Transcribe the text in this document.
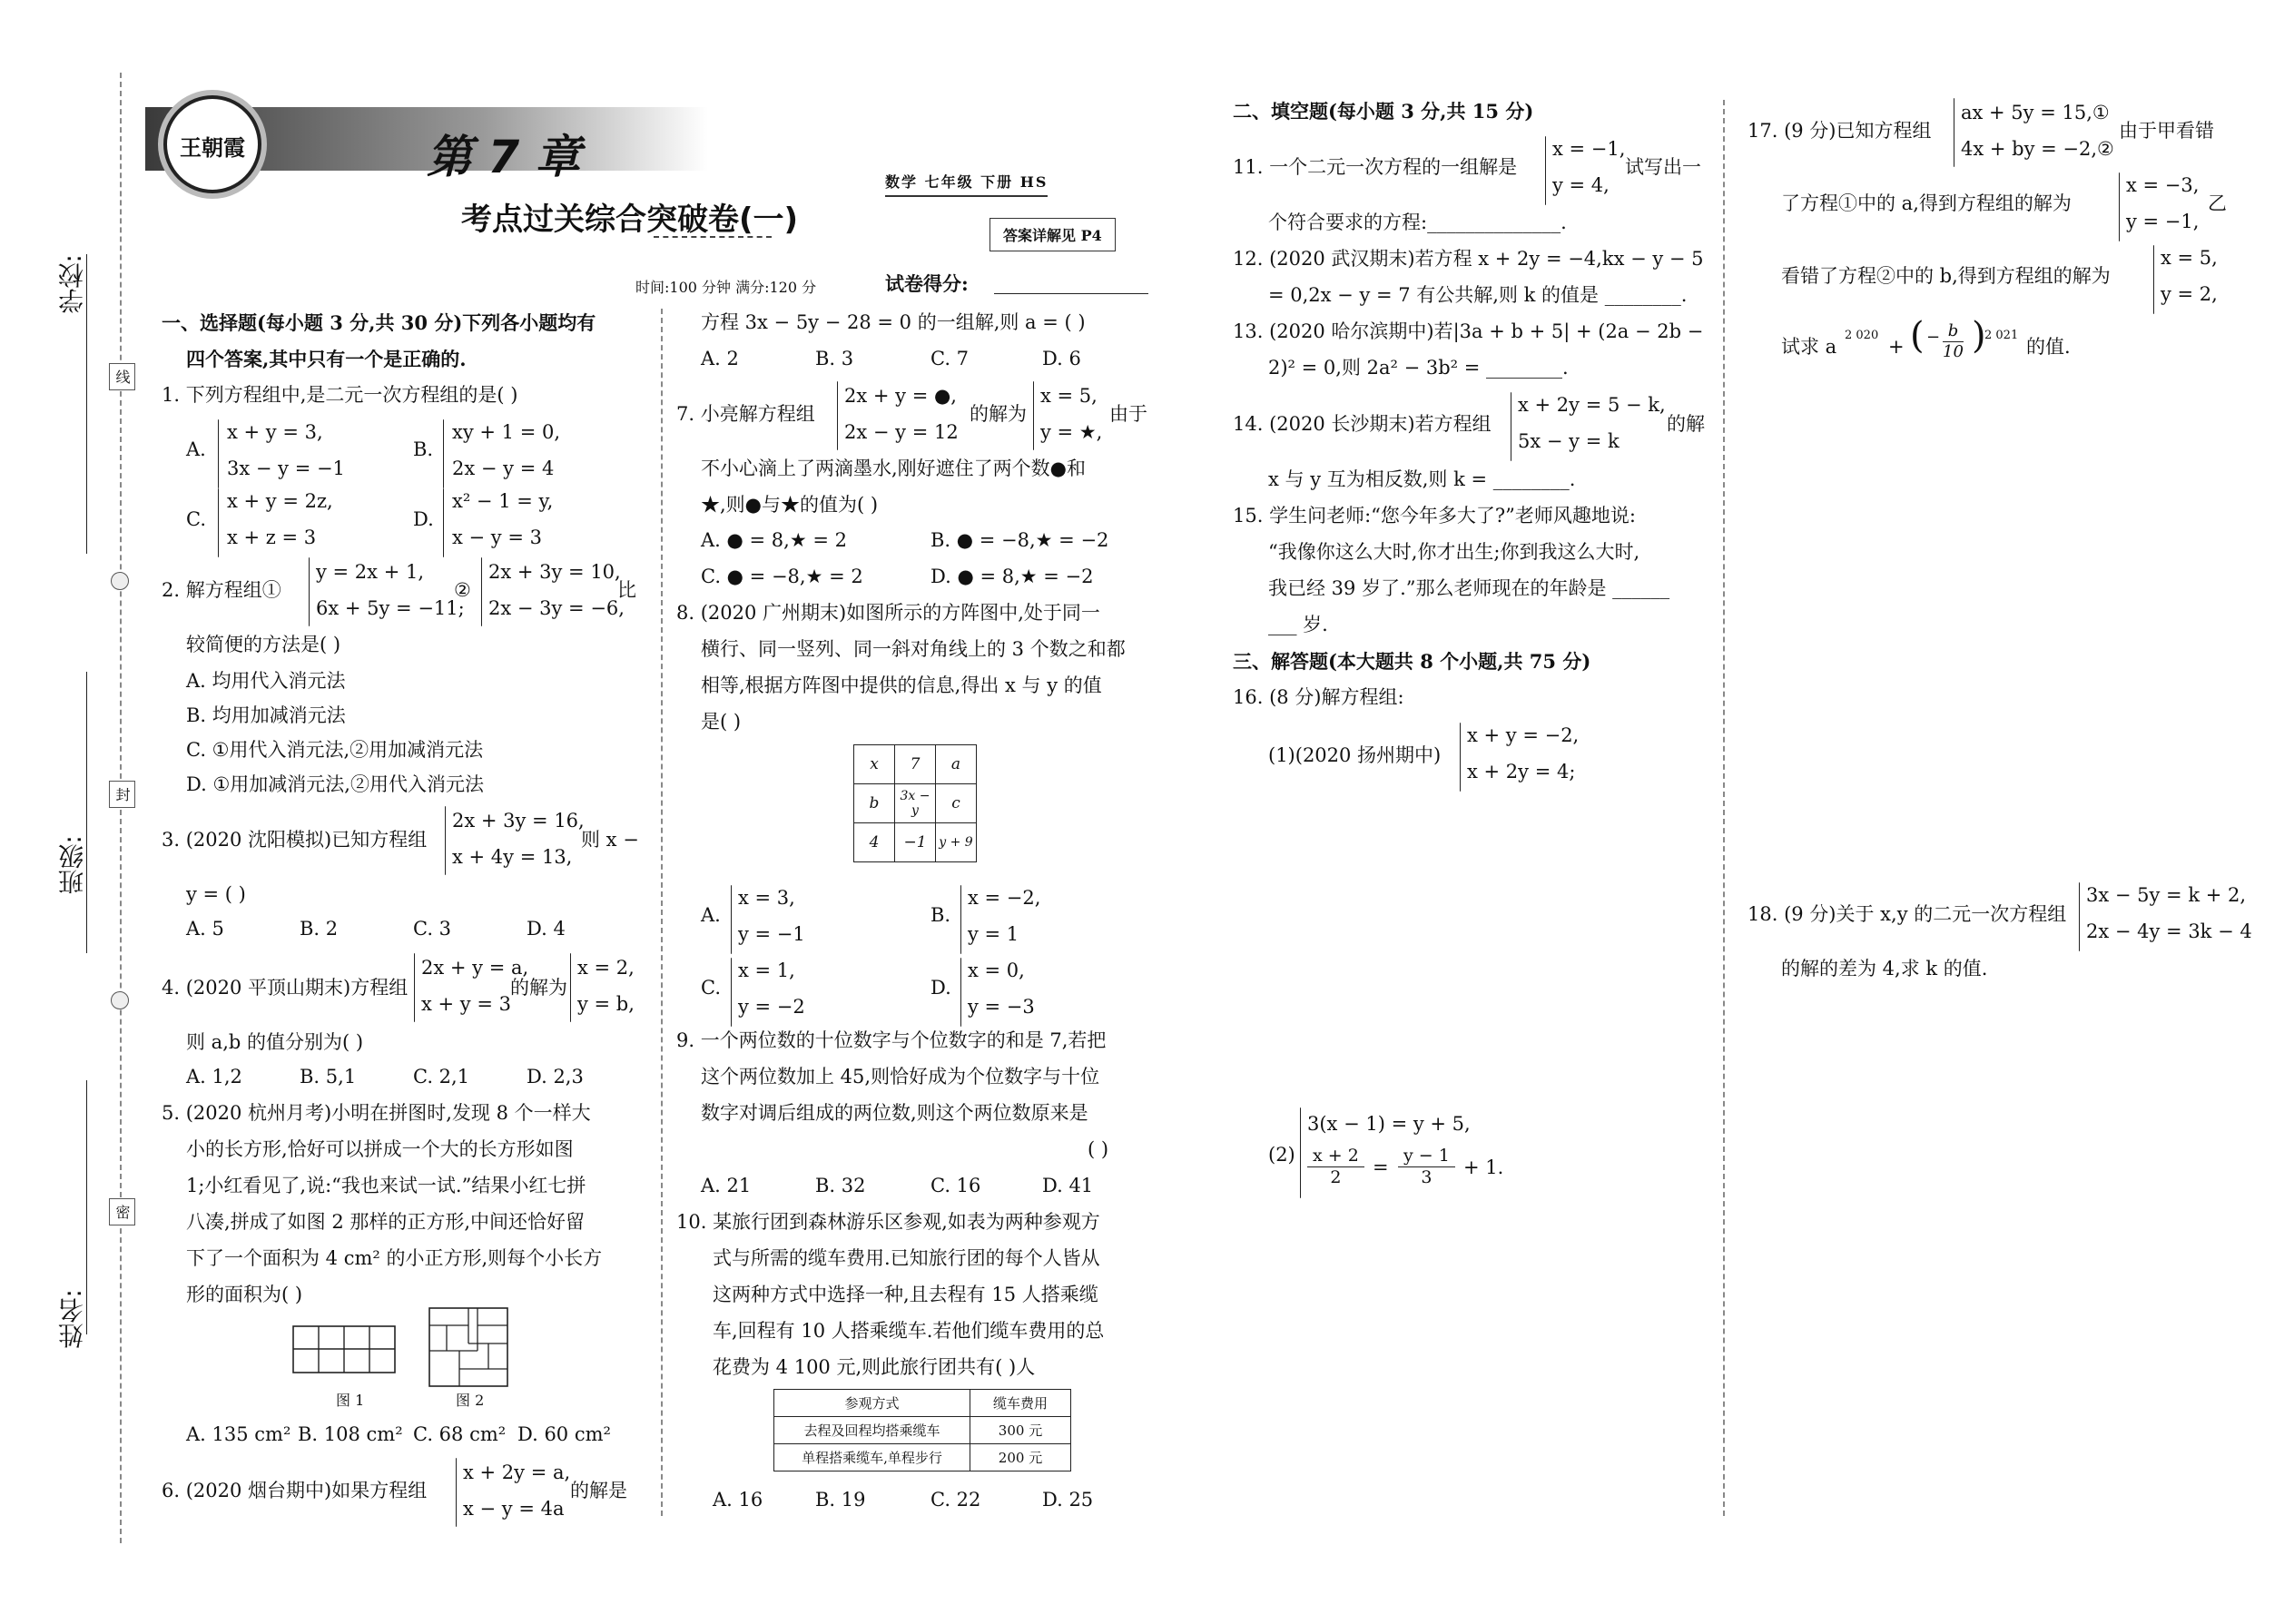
学校:
班级:
姓名:
线
封
密
王朝霞	第 7 章
考点过关综合突破卷(一)
数学 七年级 下册 HS
答案详解见 P4
时间:100 分钟 满分:120 分	试卷得分:
一、选择题(每小题 3 分,共 30 分)下列各小题均有
四个答案,其中只有一个是正确的.
1. 下列方程组中,是二元一次方程组的是( )
A.
x + y = 3,
3x − y = −1
B.
xy + 1 = 0,
2x − y = 4
C.
x + y = 2z,
x + z = 3
D.
x² − 1 = y,
x − y = 3
2. 解方程组①
y = 2x + 1,
6x + 5y = −11;
②
2x + 3y = 10,
2x − 3y = −6,
比
较简便的方法是( )
A. 均用代入消元法
B. 均用加减消元法
C. ①用代入消元法,②用加减消元法
D. ①用加减消元法,②用代入消元法
3. (2020 沈阳模拟)已知方程组
2x + 3y = 16,
x + 4y = 13,
则 x −
y = ( )
A. 5	B. 2	C. 3	D. 4
4. (2020 平顶山期末)方程组
2x + y = a,
x + y = 3
的解为
x = 2,
y = b,
则 a,b 的值分别为( )
A. 1,2	B. 5,1	C. 2,1	D. 2,3
5. (2020 杭州月考)小明在拼图时,发现 8 个一样大
小的长方形,恰好可以拼成一个大的长方形如图
1;小红看见了,说:“我也来试一试.”结果小红七拼
八凑,拼成了如图 2 那样的正方形,中间还恰好留
下了一个面积为 4 cm² 的小正方形,则每个小长方
形的面积为( )
图 1	图 2
A. 135 cm² B. 108 cm² C. 68 cm² D. 60 cm²
6. (2020 烟台期中)如果方程组
x + 2y = a,
x − y = 4a
的解是
方程 3x − 5y − 28 = 0 的一组解,则 a = ( )
A. 2	B. 3	C. 7	D. 6
7. 小亮解方程组
2x + y = ●,
2x − y = 12
的解为
x = 5,
y = ★,
由于
不小心滴上了两滴墨水,刚好遮住了两个数●和
★,则●与★的值为( )
A. ● = 8,★ = 2	B. ● = −8,★ = −2
C. ● = −8,★ = 2	D. ● = 8,★ = −2
8. (2020 广州期末)如图所示的方阵图中,处于同一
横行、同一竖列、同一斜对角线上的 3 个数之和都
相等,根据方阵图中提供的信息,得出 x 与 y 的值
是( )
x	7	a
b	3x − y	c
4	−1	y + 9
A.
x = 3,
y = −1
B.
x = −2,
y = 1
C.
x = 1,
y = −2
D.
x = 0,
y = −3
9. 一个两位数的十位数字与个位数字的和是 7,若把
这个两位数加上 45,则恰好成为个位数字与十位
数字对调后组成的两位数,则这个两位数原来是
( )
A. 21	B. 32	C. 16	D. 41
10. 某旅行团到森林游乐区参观,如表为两种参观方
式与所需的缆车费用.已知旅行团的每个人皆从
这两种方式中选择一种,且去程有 15 人搭乘缆
车,回程有 10 人搭乘缆车.若他们缆车费用的总
花费为 4 100 元,则此旅行团共有( )人
参观方式	缆车费用
去程及回程均搭乘缆车	300 元
单程搭乘缆车,单程步行	200 元
A. 16	B. 19	C. 22	D. 25
二、填空题(每小题 3 分,共 15 分)
11. 一个二元一次方程的一组解是
x = −1,
y = 4,
试写出一
个符合要求的方程:______________.
12. (2020 武汉期末)若方程 x + 2y = −4,kx − y − 5
= 0,2x − y = 7 有公共解,则 k 的值是 ________.
13. (2020 哈尔滨期中)若|3a + b + 5| + (2a − 2b −
2)² = 0,则 2a² − 3b² = ________.
14. (2020 长沙期末)若方程组
x + 2y = 5 − k,
5x − y = k
的解
x 与 y 互为相反数,则 k = ________.
15. 学生问老师:“您今年多大了?”老师风趣地说:
“我像你这么大时,你才出生;你到我这么大时,
我已经 39 岁了.”那么老师现在的年龄是 ______
___ 岁.
三、解答题(本大题共 8 个小题,共 75 分)
16. (8 分)解方程组:
(1)(2020 扬州期中)
x + y = −2,
x + 2y = 4;
(2)
3(x − 1) = y + 5,
$\frac{x + 2}{2} = \frac{y - 1}{3} + 1$.
17. (9 分)已知方程组
ax + 5y = 15,①
4x + by = −2,②
由于甲看错
了方程①中的 a,得到方程组的解为
x = −3,
y = −1,
乙
看错了方程②中的 b,得到方程组的解为
x = 5,
y = 2,
试求 a
2 020
+ ( − $\frac{b}{10}$ )
2 021
的值.
18. (9 分)关于 x,y 的二元一次方程组
3x − 5y = k + 2,
2x − 4y = 3k − 4
的解的差为 4,求 k 的值.
